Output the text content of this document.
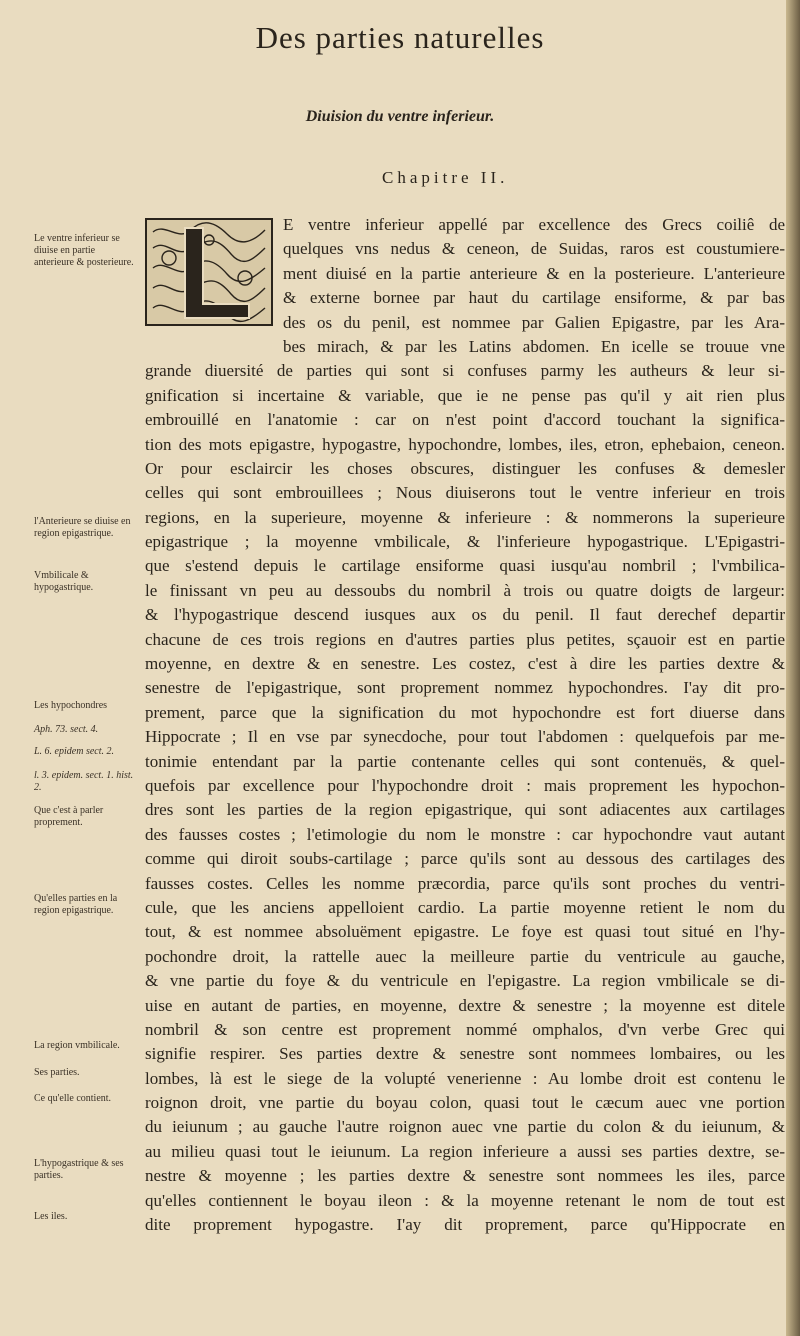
Des parties naturelles
Diuision du ventre inferieur.
Chapitre II.
Le ventre inferieur se diuise en partie anterieure & posterieure.
l'Anterieure se diuise en region epigastrique.
Vmbilicale & hypogastrique.
Les hypochondres
Aph. 73. sect. 4.
L. 6. epidem sect. 2.
l. 3. epidem. sect. 1. hist. 2.
Que c'est à parler proprement.
Qu'elles parties en la region epigastrique.
La region vmbilicale.
Ses parties.
Ce qu'elle contient.
L'hypogastrique & ses parties.
Les iles.
E ventre inferieur appellé par excellence des Grecs coiliê de
quelques vns nedus & ceneon, de Suidas, raros est coustumiere-
ment diuisé en la partie anterieure & en la posterieure. L'anterieure
& externe bornee par haut du cartilage ensiforme, & par bas
des os du penil, est nommee par Galien Epigastre, par les Ara-
bes mirach, & par les Latins abdomen. En icelle se trouue vne
grande diuersité de parties qui sont si confuses parmy les autheurs & leur si-
gnification si incertaine & variable, que ie ne pense pas qu'il y ait rien plus
embrouillé en l'anatomie : car on n'est point d'accord touchant la significa-
tion des mots epigastre, hypogastre, hypochondre, lombes, iles, etron, ephebaion, ceneon.
Or pour esclaircir les choses obscures, distinguer les confuses & demesler
celles qui sont embrouillees ; Nous diuiserons tout le ventre inferieur en trois
regions, en la superieure, moyenne & inferieure : & nommerons la superieure
epigastrique ; la moyenne vmbilicale, & l'inferieure hypogastrique. L'Epigastri-
que s'estend depuis le cartilage ensiforme quasi iusqu'au nombril ; l'vmbilica-
le finissant vn peu au dessoubs du nombril à trois ou quatre doigts de largeur:
& l'hypogastrique descend iusques aux os du penil. Il faut derechef departir
chacune de ces trois regions en d'autres parties plus petites, sçauoir est en partie
moyenne, en dextre & en senestre. Les costez, c'est à dire les parties dextre &
senestre de l'epigastrique, sont proprement nommez hypochondres. I'ay dit pro-
prement, parce que la signification du mot hypochondre est fort diuerse dans
Hippocrate ; Il en vse par synecdoche, pour tout l'abdomen : quelquefois par me-
tonimie entendant par la partie contenante celles qui sont contenuës, & quel-
quefois par excellence pour l'hypochondre droit : mais proprement les hypochon-
dres sont les parties de la region epigastrique, qui sont adiacentes aux cartilages
des fausses costes ; l'etimologie du nom le monstre : car hypochondre vaut autant
comme qui diroit soubs-cartilage ; parce qu'ils sont au dessous des cartilages des
fausses costes. Celles les nomme præcordia, parce qu'ils sont proches du ventri-
cule, que les anciens appelloient cardio. La partie moyenne retient le nom du
tout, & est nommee absoluëment epigastre. Le foye est quasi tout situé en l'hy-
pochondre droit, la rattelle auec la meilleure partie du ventricule au gauche,
& vne partie du foye & du ventricule en l'epigastre. La region vmbilicale se di-
uise en autant de parties, en moyenne, dextre & senestre ; la moyenne est ditele
nombril & son centre est proprement nommé omphalos, d'vn verbe Grec qui
signifie respirer. Ses parties dextre & senestre sont nommees lombaires, ou les
lombes, là est le siege de la volupté venerienne : Au lombe droit est contenu le
roignon droit, vne partie du boyau colon, quasi tout le cæcum auec vne portion
du ieiunum ; au gauche l'autre roignon auec vne partie du colon & du ieiunum, &
au milieu quasi tout le ieiunum. La region inferieure a aussi ses parties dextre, se-
nestre & moyenne ; les parties dextre & senestre sont nommees les iles, parce
qu'elles contiennent le boyau ileon : & la moyenne retenant le nom de tout est
dite proprement hypogastre. I'ay dit proprement, parce qu'Hippocrate en
